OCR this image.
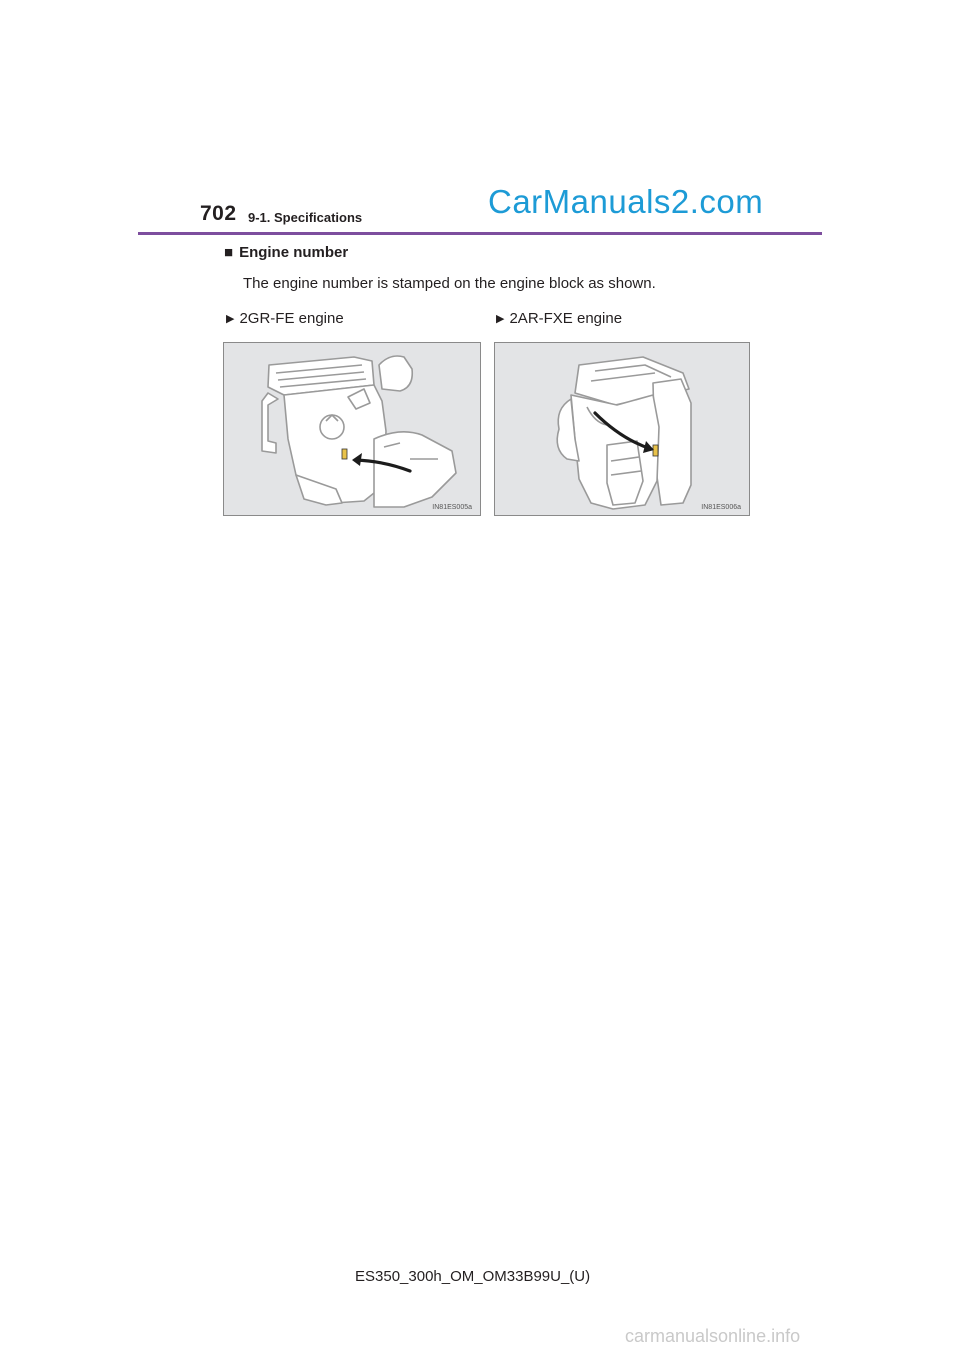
702 9-1. Specifications	CarManuals2.com
■ Engine number
The engine number is stamped on the engine block as shown.
▶ 2GR-FE engine	▶ 2AR-FXE engine
IN81ES005a	IN81ES006a
ES350_300h_OM_OM33B99U_(U)
carmanualsonline.info
